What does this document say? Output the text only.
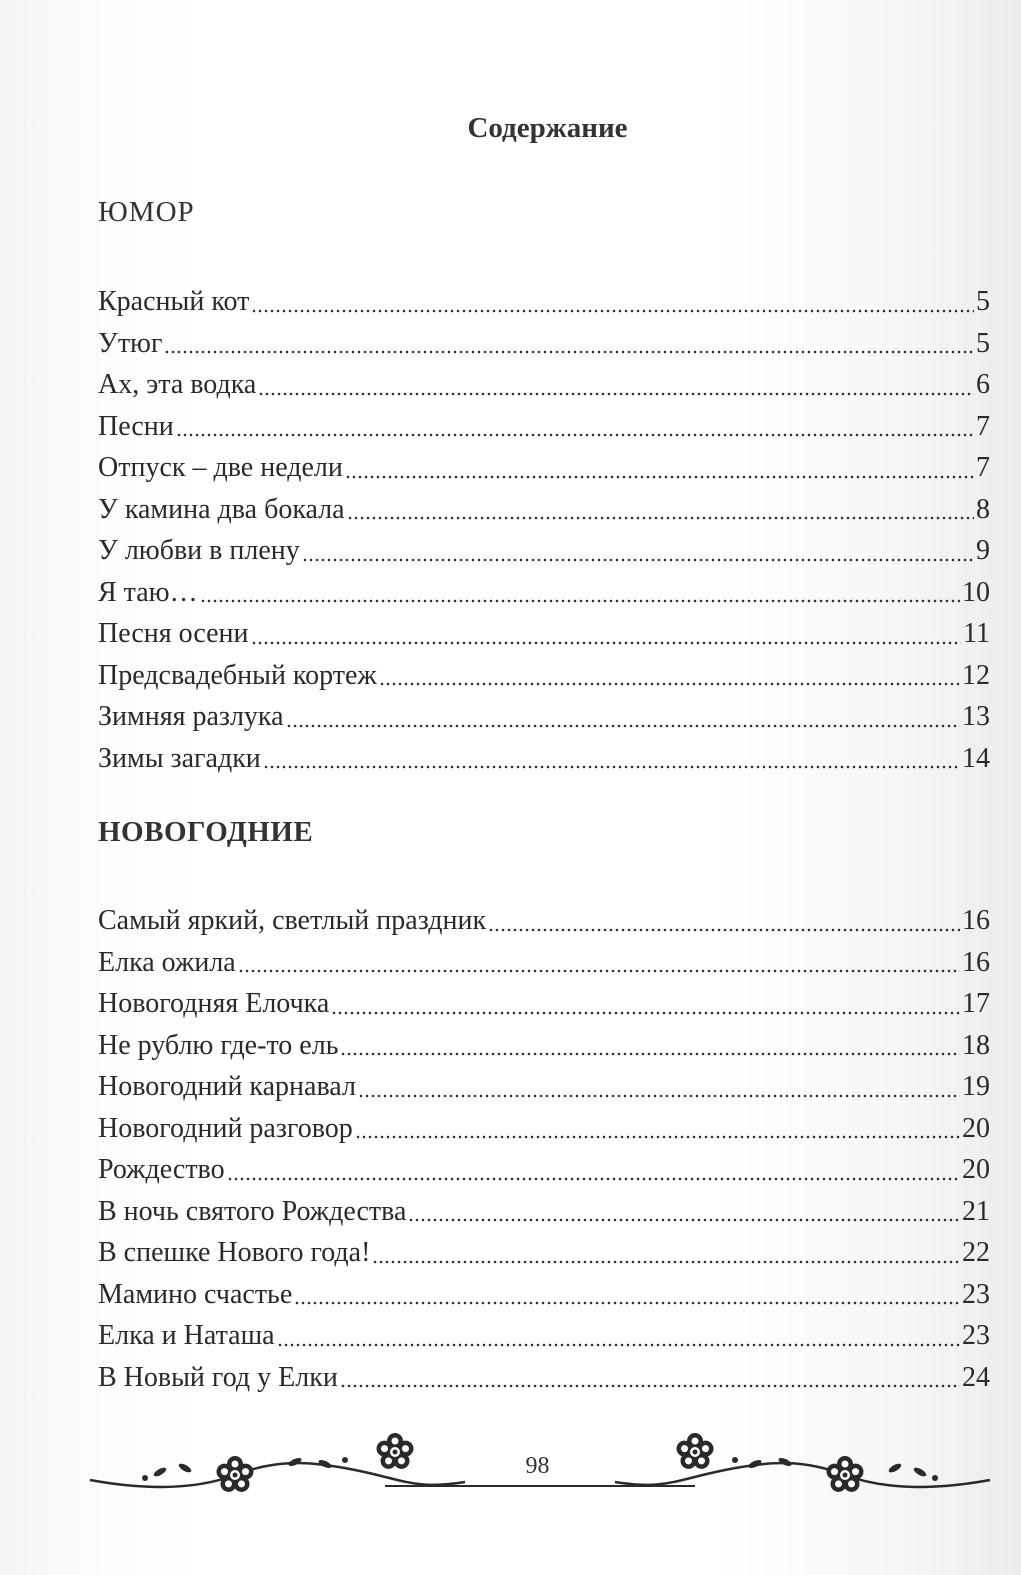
Содержание
ЮМОР
Красный кот	5
Утюг	5
Ах, эта водка	6
Песни	7
Отпуск – две недели	7
У камина два бокала	8
У любви в плену	9
Я таю…	10
Песня осени	11
Предсвадебный кортеж	12
Зимняя разлука	13
Зимы загадки	14
НОВОГОДНИЕ
Самый яркий, светлый праздник	16
Елка ожила	16
Новогодняя Елочка	17
Не рублю где-то ель	18
Новогодний карнавал	19
Новогодний разговор	20
Рождество	20
В ночь святого Рождества	21
В спешке Нового года!	22
Мамино счастье	23
Елка и Наташа	23
В Новый год у Елки	24
98
